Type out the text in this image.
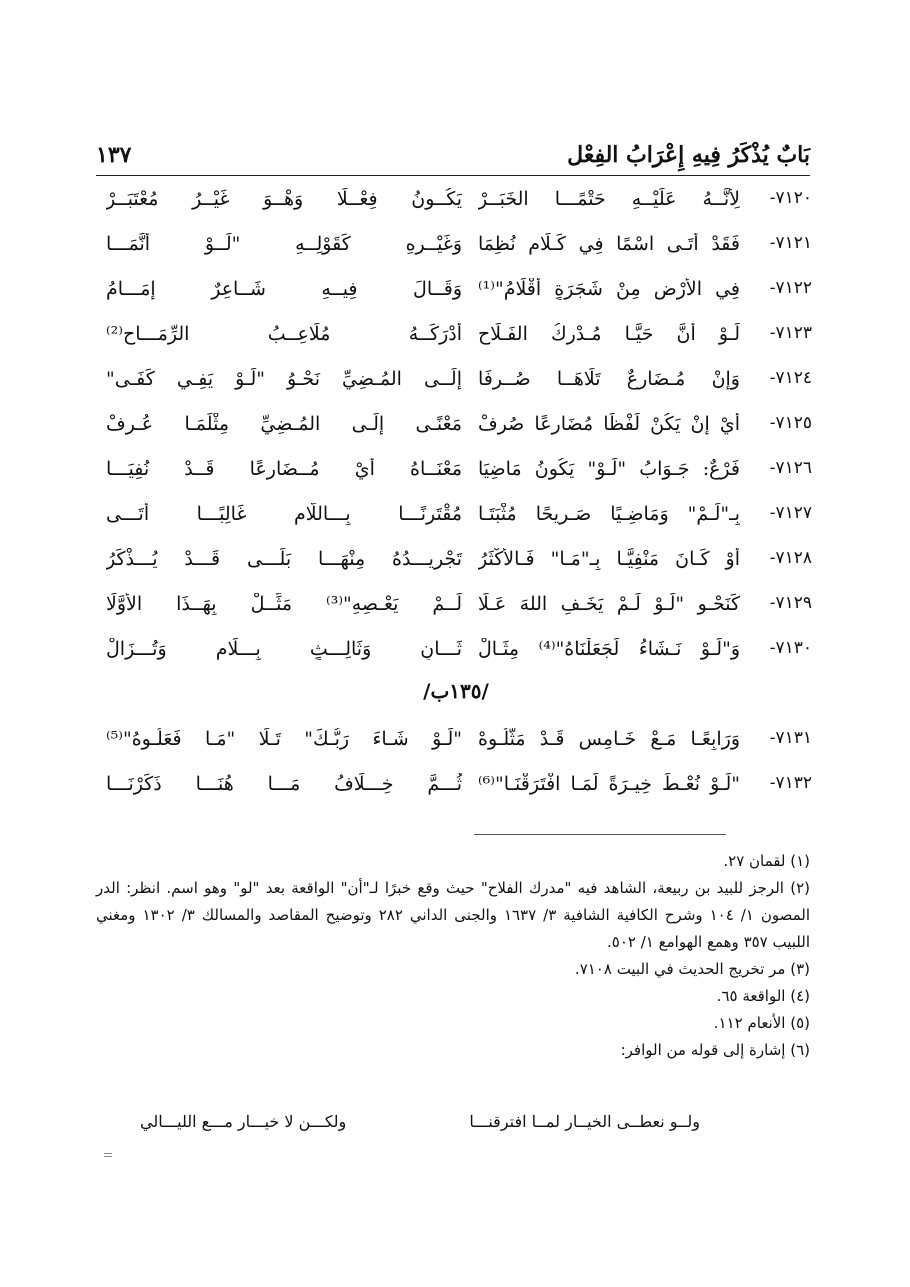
بَابٌ يُذْكَرُ فِيهِ إِعْرَابُ الفِعْل
١٣٧
٧١٢٠-
لِأَنَّــهُ عَلَيْــهِ حَتْمًـــا الخَبَــرْ
يَكُــونُ فِعْــلًا وَهْــوَ غَيْــرُ مُعْتَبَــرْ
٧١٢١-
فَقَدْ أَتَـى اسْمًا فِي كَـلَامٍ نُظِمَا
وَغَيْــرِهِ كَقَوْلِــهِ "لَــوْ أَنَّمَـــا
٧١٢٢-
فِي الأَرْضِ مِنْ شَجَرَةٍ أَقْلَامُ"⁽¹⁾
وَقَــالَ فِيــهِ شَــاعِرٌ إِمَـــامُ
٧١٢٣-
لَـوْ أَنَّ حَيًّـا مُـدْرِكُ الفَـلَاحِ
أَدْرَكَــهُ مُلَاعِــبُ الرِّمَـــاحِ⁽²⁾
٧١٢٤-
وَإِنْ مُـضَارِعٌ تَلَاهَــا صُــرِفَا
إِلَــى المُـضِيِّ نَحْـوُ "لَـوْ يَفِـي كَفَـى"
٧١٢٥-
أَيْ إِنْ يَكُنْ لَفْظًا مُضَارِعًا صُرِفْ
مَعْنًـى إِلَـى المُـضِيِّ مِثْلَمَـا عُـرِفْ
٧١٢٦-
فَرْعٌ: جَـوَابُ "لَـوْ" يَكُونُ مَاضِيَا
مَعْنَــاهُ أَيْ مُــضَارِعًا قَــدْ نُفِيَـــا
٧١٢٧-
بِـ"لَـمْ" وَمَاضِـيًا صَـرِيحًا مُثْبَتَـا
مُقْتَرِنًـــا بِـــاللَّامِ غَالِبًـــا أَتَـــى
٧١٢٨-
أَوْ كَـانَ مَنْفِيًّـا بِـ"مَـا" فَـالأَكْثَرُ
تَجْرِيـــدُهُ مِنْهَـــا بَلَـــى قَـــدْ يُـــذْكَرُ
٧١٢٩-
كَنَحْـوِ "لَـوْ لَـمْ يَخَـفِ اللهَ عَـلَا
لَــمْ يَعْـصِهِ"⁽³⁾ مَثِّــلْ بِهَــذَا الأَوَّلَا
٧١٣٠-
وَ"لَـوْ نَـشَاءُ لَجَعَلْنَاهُ"⁽⁴⁾ مِثَـالْ
ثَـــانٍ وَثَالِـــثٍ بِـــلَامٍ وَتُـــزَالْ
/١٣٥ب/
٧١٣١-
وَرَابِعًـا مَـعْ خَـامِسٍ قَـدْ مَثَّلُـوهْ
"لَـوْ شَـاءَ رَبُّـكَ" تَـلَا "مَـا فَعَلُـوهُ"⁽⁵⁾
٧١٣٢-
"لَـوْ نُعْـطَ خِيـرَةً لَمَـا افْتَرَقْنَـا"⁽⁶⁾
ثُـــمَّ خِـــلَافُ مَـــا هُنَـــا ذَكَرْنَـــا
(١) لقمان ٢٧.
(٢) الرجز للبيد بن ربيعة، الشاهد فيه "مدرك الفلاح" حيث وقع خبرًا لـ"أن" الواقعة بعد "لو" وهو اسم. انظر: الدر المصون ١/ ١٠٤ وشرح الكافية الشافية ٣/ ١٦٣٧ والجنى الداني ٢٨٢ وتوضيح المقاصد والمسالك ٣/ ١٣٠٢ ومغني اللبيب ٣٥٧ وهمع الهوامع ١/ ٥٠٢.
(٣) مر تخريج الحديث في البيت ٧١٠٨.
(٤) الواقعة ٦٥.
(٥) الأنعام ١١٢.
(٦) إشارة إلى قوله من الوافر:
ولــو نعطــى الخيــار لمــا افترقنـــا
ولكـــن لا خيـــار مـــع الليـــالي
